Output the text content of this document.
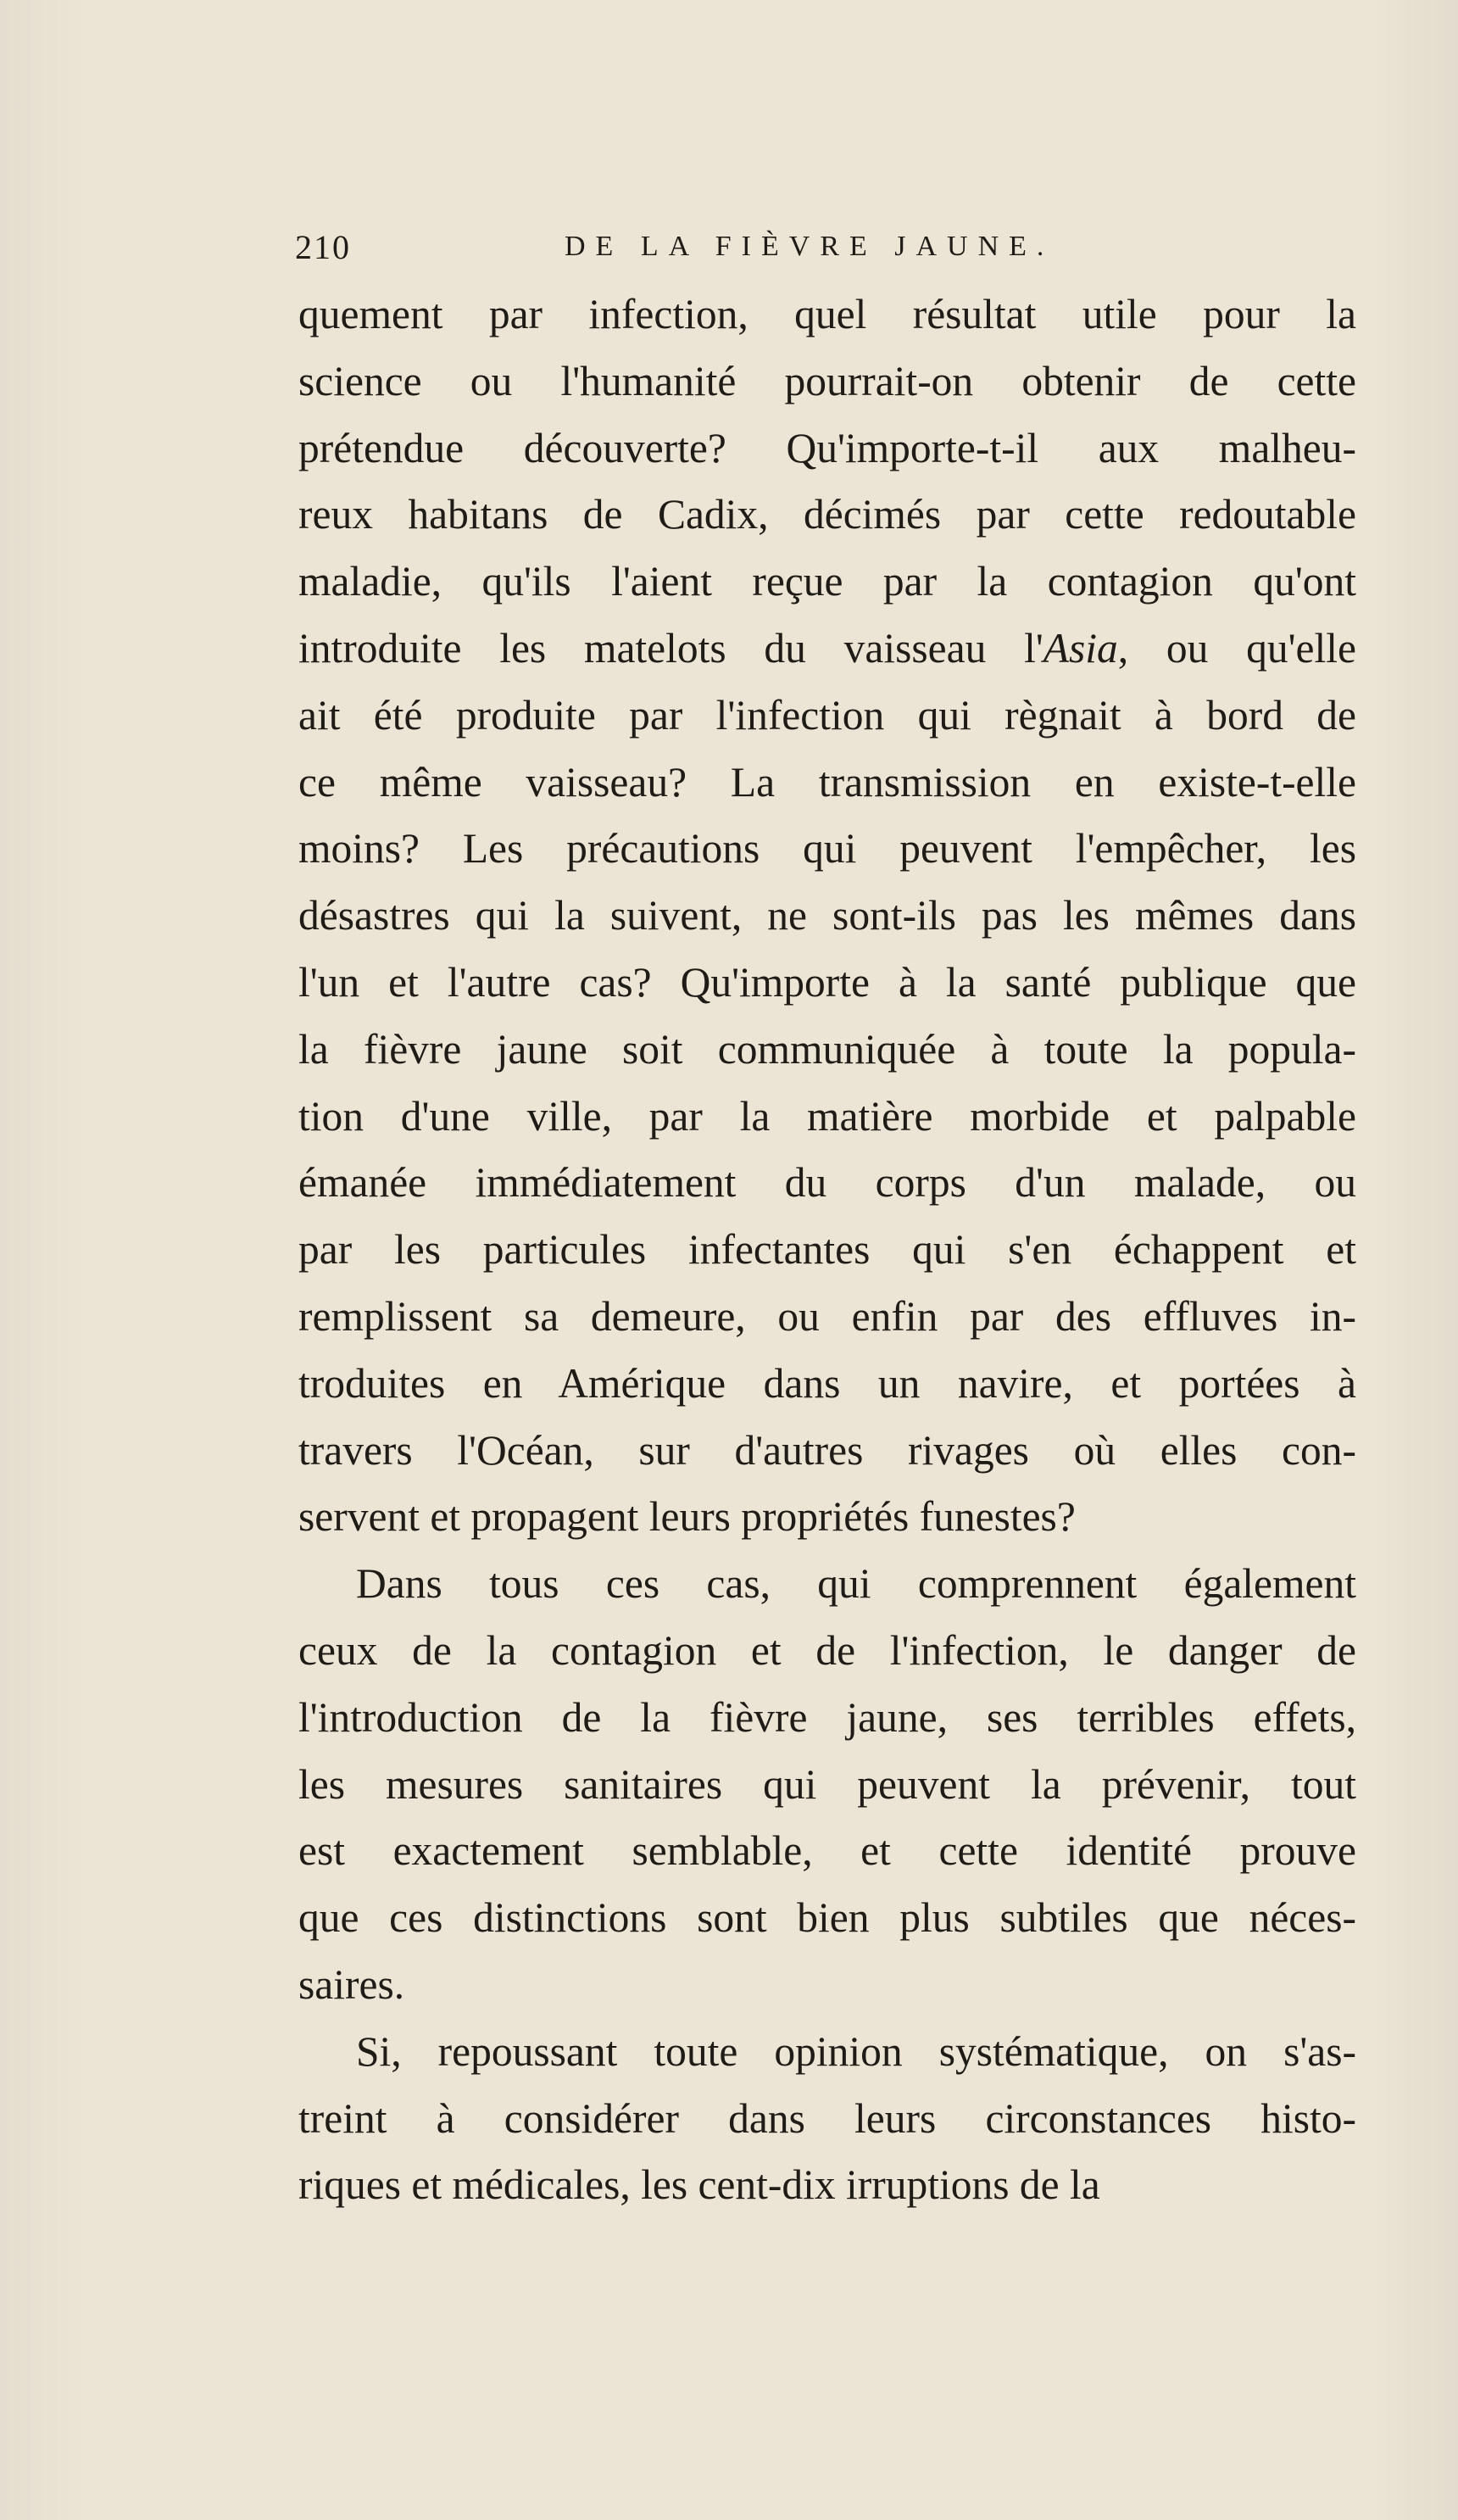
210	DE LA FIÈVRE JAUNE.
quement par infection, quel résultat utile pour la
science ou l'humanité pourrait-on obtenir de cette
prétendue découverte? Qu'importe-t-il aux malheu-
reux habitans de Cadix, décimés par cette redoutable
maladie, qu'ils l'aient reçue par la contagion qu'ont
introduite les matelots du vaisseau l'Asia, ou qu'elle
ait été produite par l'infection qui règnait à bord de
ce même vaisseau? La transmission en existe-t-elle
moins? Les précautions qui peuvent l'empêcher, les
désastres qui la suivent, ne sont-ils pas les mêmes dans
l'un et l'autre cas? Qu'importe à la santé publique que
la fièvre jaune soit communiquée à toute la popula-
tion d'une ville, par la matière morbide et palpable
émanée immédiatement du corps d'un malade, ou
par les particules infectantes qui s'en échappent et
remplissent sa demeure, ou enfin par des effluves in-
troduites en Amérique dans un navire, et portées à
travers l'Océan, sur d'autres rivages où elles con-
servent et propagent leurs propriétés funestes?
Dans tous ces cas, qui comprennent également
ceux de la contagion et de l'infection, le danger de
l'introduction de la fièvre jaune, ses terribles effets,
les mesures sanitaires qui peuvent la prévenir, tout
est exactement semblable, et cette identité prouve
que ces distinctions sont bien plus subtiles que néces-
saires.
Si, repoussant toute opinion systématique, on s'as-
treint à considérer dans leurs circonstances histo-
riques et médicales, les cent-dix irruptions de la
